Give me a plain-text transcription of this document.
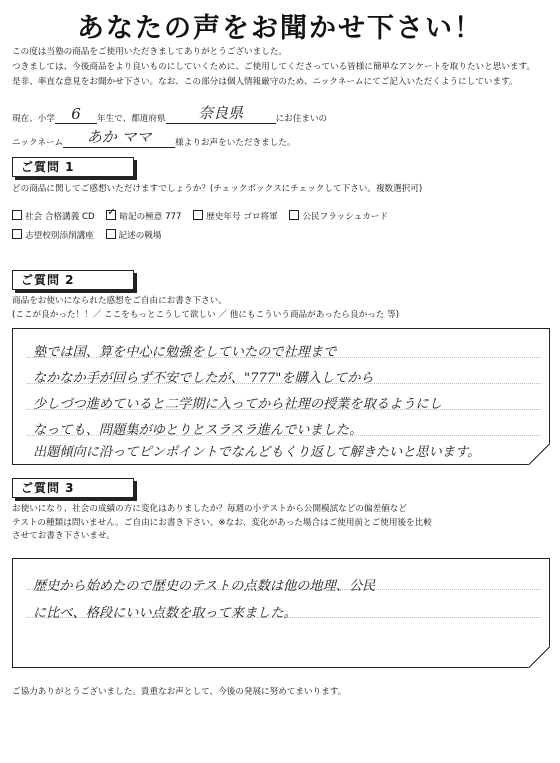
あなたの声をお聞かせ下さい！
この度は当塾の商品をご使用いただきましてありがとうございました。
つきましては、今後商品をより良いものにしていくために、ご使用してくださっている皆様に簡単なアンケートを取りたいと思います。
是非、率直な意見をお聞かせ下さい。なお、この部分は個人情報厳守のため、ニックネームにてご記入いただくようにしています。
現在、小学 6 年生で、都道府県 奈良県	にお住まいの
ニックネーム あか ママ	様よりお声をいただきました。
ご質問 1
どの商品に関してご感想いただけますでしょうか？(チェックボックスにチェックして下さい。複数選択可)
社会 合格講義 CD ✓	暗記の極意 777	歴史年号 ゴロ将軍	公民フラッシュカード
志望校別添削講座	記述の戦場
ご質問 2
商品をお使いになられた感想をご自由にお書き下さい。
(ここが良かった！！／ ここをもっとこうして欲しい ／ 他にもこういう商品があったら良かった 等)
塾では国、算を中心に勉強をしていたので社理まで
なかなか手が回らず不安でしたが、"777"を購入してから
少しづつ進めていると二学期に入ってから社理の授業を取るようにし
なっても、問題集がゆとりとスラスラ進んでいました。
出題傾向に沿ってピンポイントでなんどもくり返して解きたいと思います。
ご質問 3
お使いになり、社会の成績の方に変化はありましたか？毎週の小テストから公開模試などの偏差値など
テストの種類は問いません。ご自由にお書き下さい。※なお、変化があった場合はご使用前とご使用後を比較
させてお書き下さいませ。
歴史から始めたので歴史のテストの点数は他の地理、公民
に比べ、格段にいい点数を取って来ました。
ご協力ありがとうございました。貴重なお声として、今後の発展に努めてまいります。
